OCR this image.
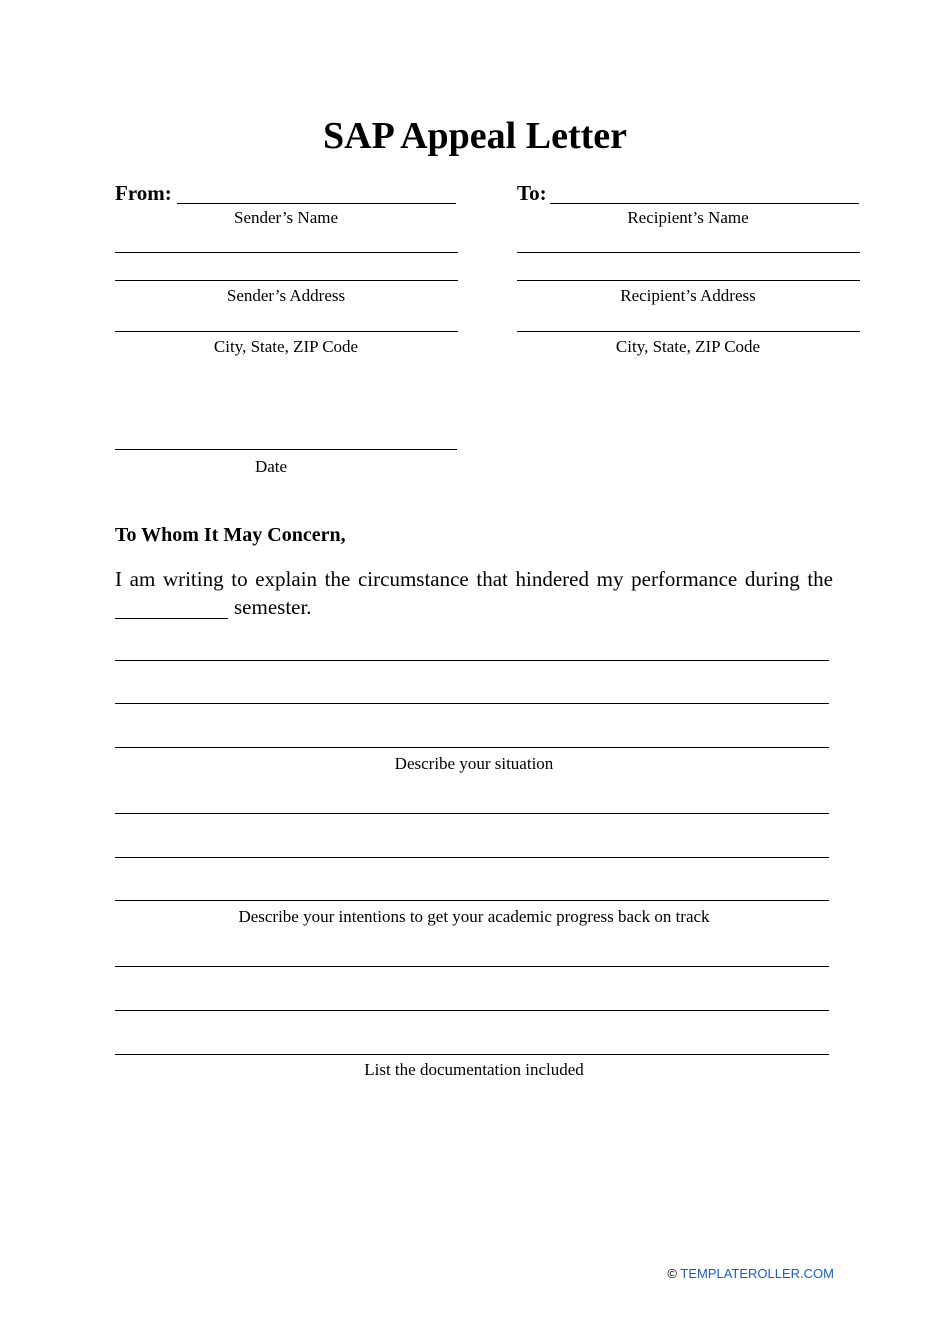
SAP Appeal Letter
From:
Sender’s Name
Sender’s Address
City, State, ZIP Code
To:
Recipient’s Name
Recipient’s Address
City, State, ZIP Code
Date
To Whom It May Concern,
I am writing to explain the circumstance that hindered my performance during the
semester.
Describe your situation
Describe your intentions to get your academic progress back on track
List the documentation included
© TEMPLATEROLLER.COM
